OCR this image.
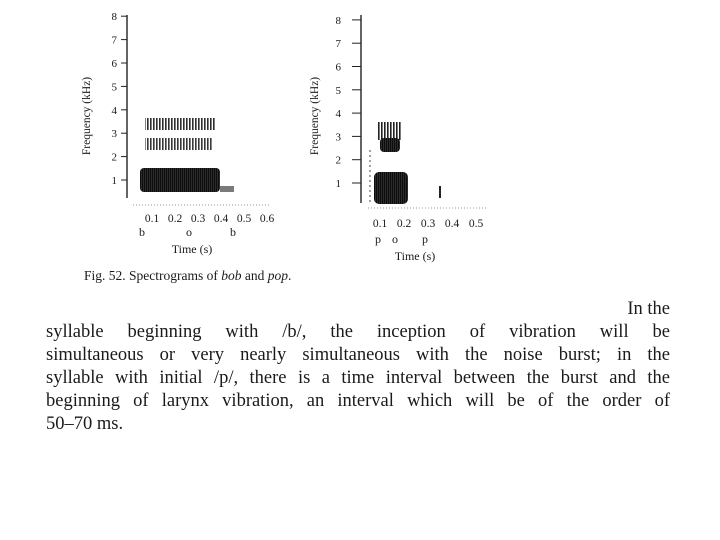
1
2
3
4
5
6
7
8
Frequency (kHz)
0.1 0.2 0.3 0.4 0.5 0.6
b	o	b
Time (s)
1
2
3
4
5
6
7
8
Frequency (kHz)
0.1 0.2 0.3 0.4 0.5
p o p
Time (s)
Fig. 52. Spectrograms of bob and pop.
In the
syllable beginning with /b/, the inception of vibration will be
simultaneous or very nearly simultaneous with the noise burst; in the
syllable with initial /p/, there is a time interval between the burst and the
beginning of larynx vibration, an interval which will be of the order of
50–70 ms.
